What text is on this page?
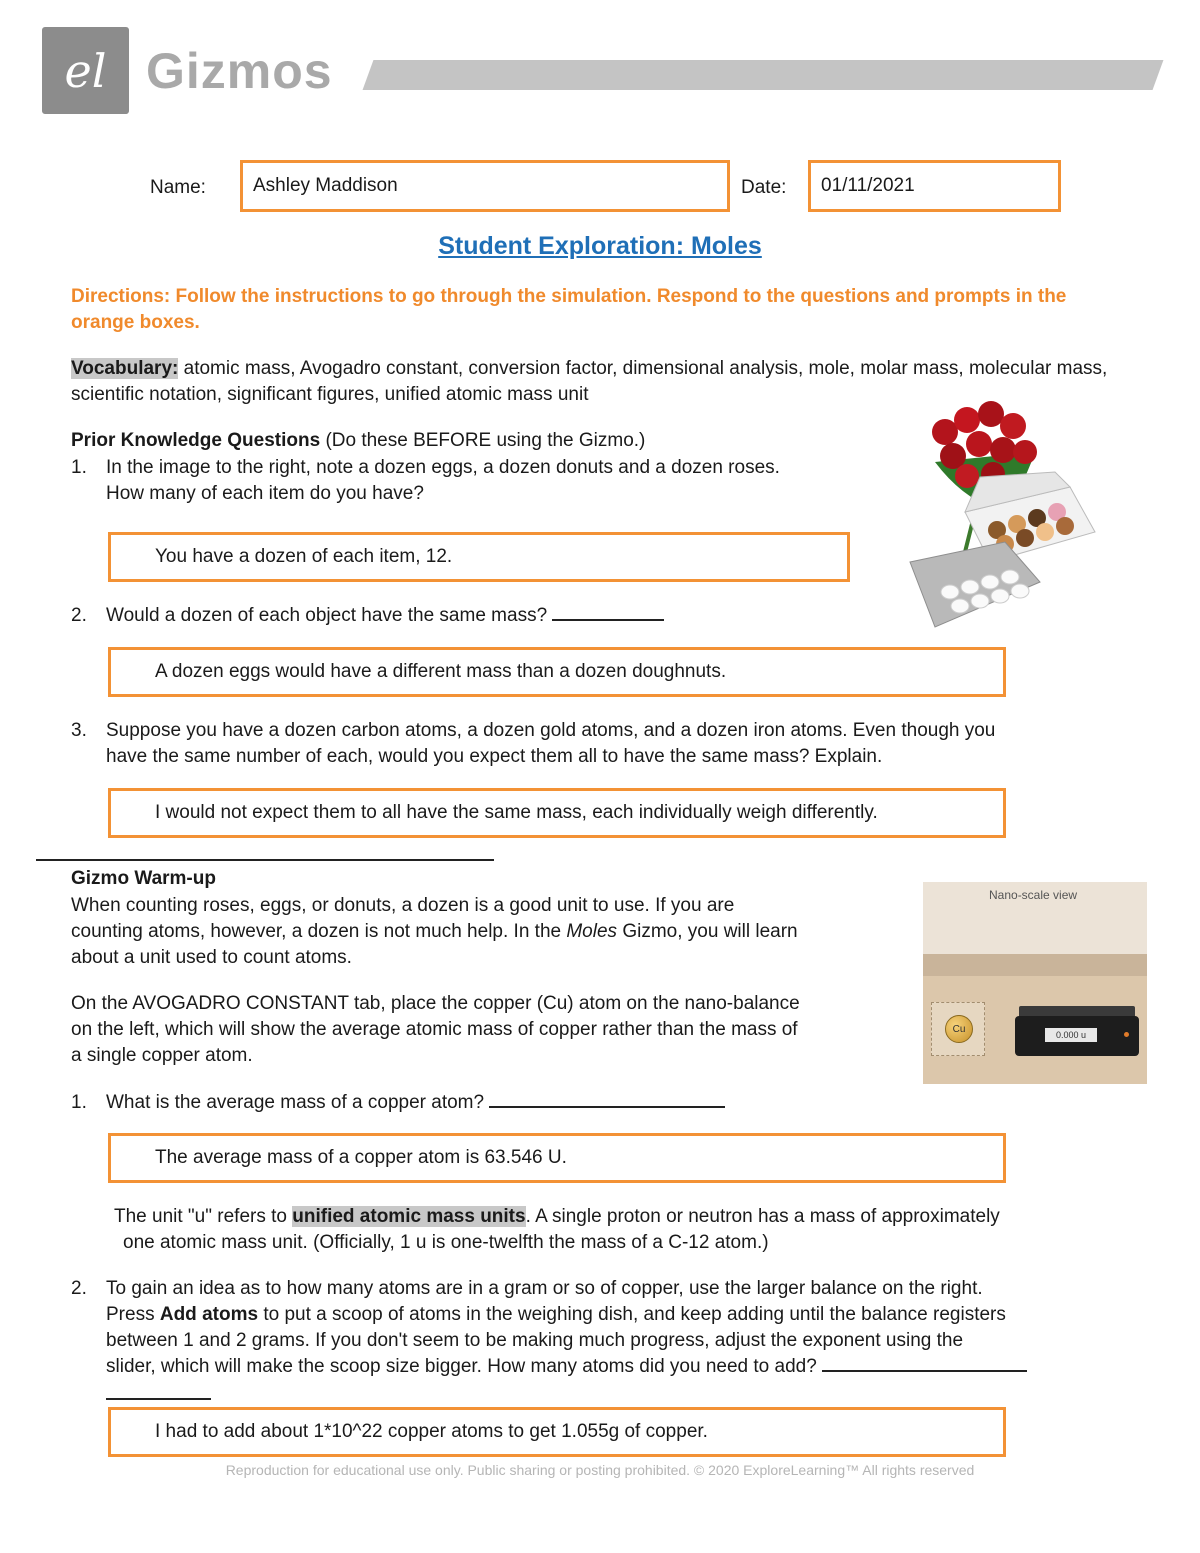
el Gizmos
Name:	Ashley Maddison	Date:	01/11/2021
Student Exploration: Moles
Directions: Follow the instructions to go through the simulation. Respond to the questions and prompts in the orange boxes.
Vocabulary: atomic mass, Avogadro constant, conversion factor, dimensional analysis, mole, molar mass, molecular mass, scientific notation, significant figures, unified atomic mass unit
Prior Knowledge Questions (Do these BEFORE using the Gizmo.)
1. In the image to the right, note a dozen eggs, a dozen donuts and a dozen roses.
How many of each item do you have?
You have a dozen of each item, 12.
2. Would a dozen of each object have the same mass?
A dozen eggs would have a different mass than a dozen doughnuts.
3. Suppose you have a dozen carbon atoms, a dozen gold atoms, and a dozen iron atoms. Even though you
have the same number of each, would you expect them all to have the same mass? Explain.
I would not expect them to all have the same mass, each individually weigh differently.
Gizmo Warm-up
When counting roses, eggs, or donuts, a dozen is a good unit to use. If you are
counting atoms, however, a dozen is not much help. In the Moles Gizmo, you will learn
about a unit used to count atoms.
On the AVOGADRO CONSTANT tab, place the copper (Cu) atom on the nano-balance
on the left, which will show the average atomic mass of copper rather than the mass of
a single copper atom.
Nano-scale view
Cu
0.000 u
1. What is the average mass of a copper atom?
The average mass of a copper atom is 63.546 U.
The unit "u" refers to unified atomic mass units. A single proton or neutron has a mass of approximately
one atomic mass unit. (Officially, 1 u is one-twelfth the mass of a C-12 atom.)
2. To gain an idea as to how many atoms are in a gram or so of copper, use the larger balance on the right.
Press Add atoms to put a scoop of atoms in the weighing dish, and keep adding until the balance registers
between 1 and 2 grams. If you don't seem to be making much progress, adjust the exponent using the
slider, which will make the scoop size bigger. How many atoms did you need to add?
I had to add about 1*10^22 copper atoms to get 1.055g of copper.
Reproduction for educational use only. Public sharing or posting prohibited. © 2020 ExploreLearning™ All rights reserved
